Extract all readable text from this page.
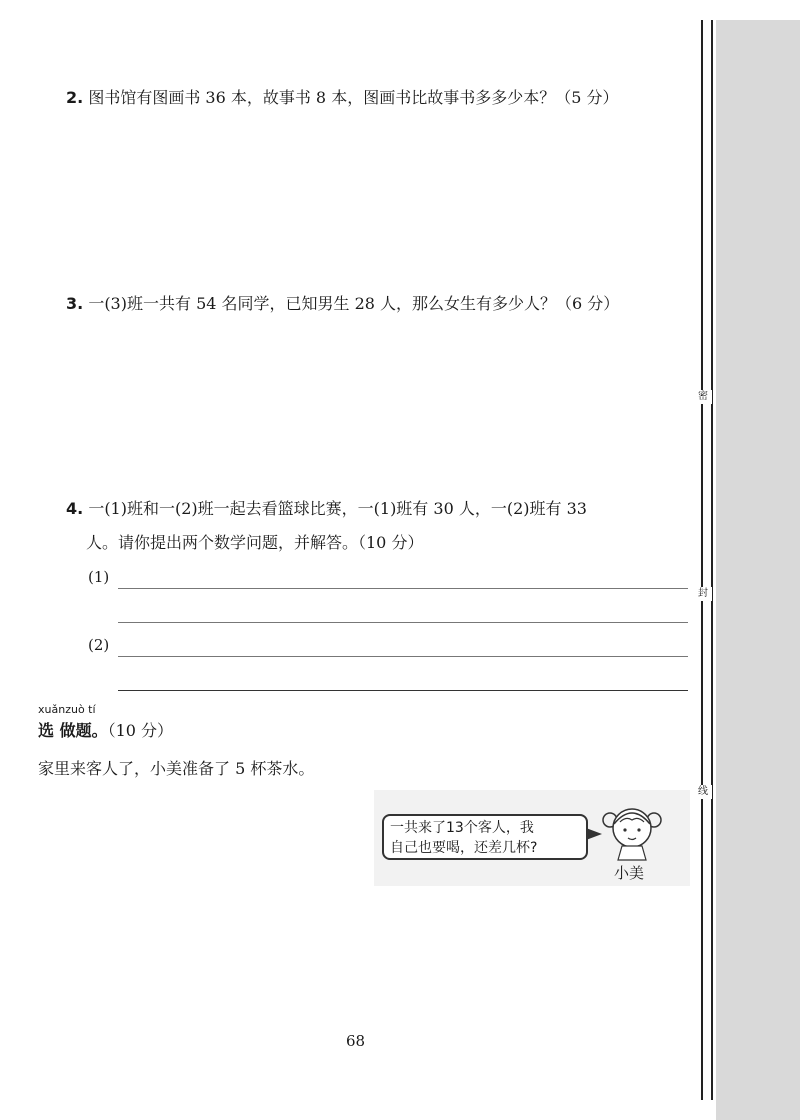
密
封
线
2. 图书馆有图画书 36 本，故事书 8 本，图画书比故事书多多少本？（5 分）
3. 一(3)班一共有 54 名同学，已知男生 28 人，那么女生有多少人？（6 分）
4. 一(1)班和一(2)班一起去看篮球比赛，一(1)班有 30 人，一(2)班有 33
人。请你提出两个数学问题，并解答。（10 分）
(1)
(2)
xuǎnzuò tí
选 做题。（10 分）
家里来客人了，小美准备了 5 杯茶水。
一共来了13个客人，我
自己也要喝，还差几杯?
小美
68
